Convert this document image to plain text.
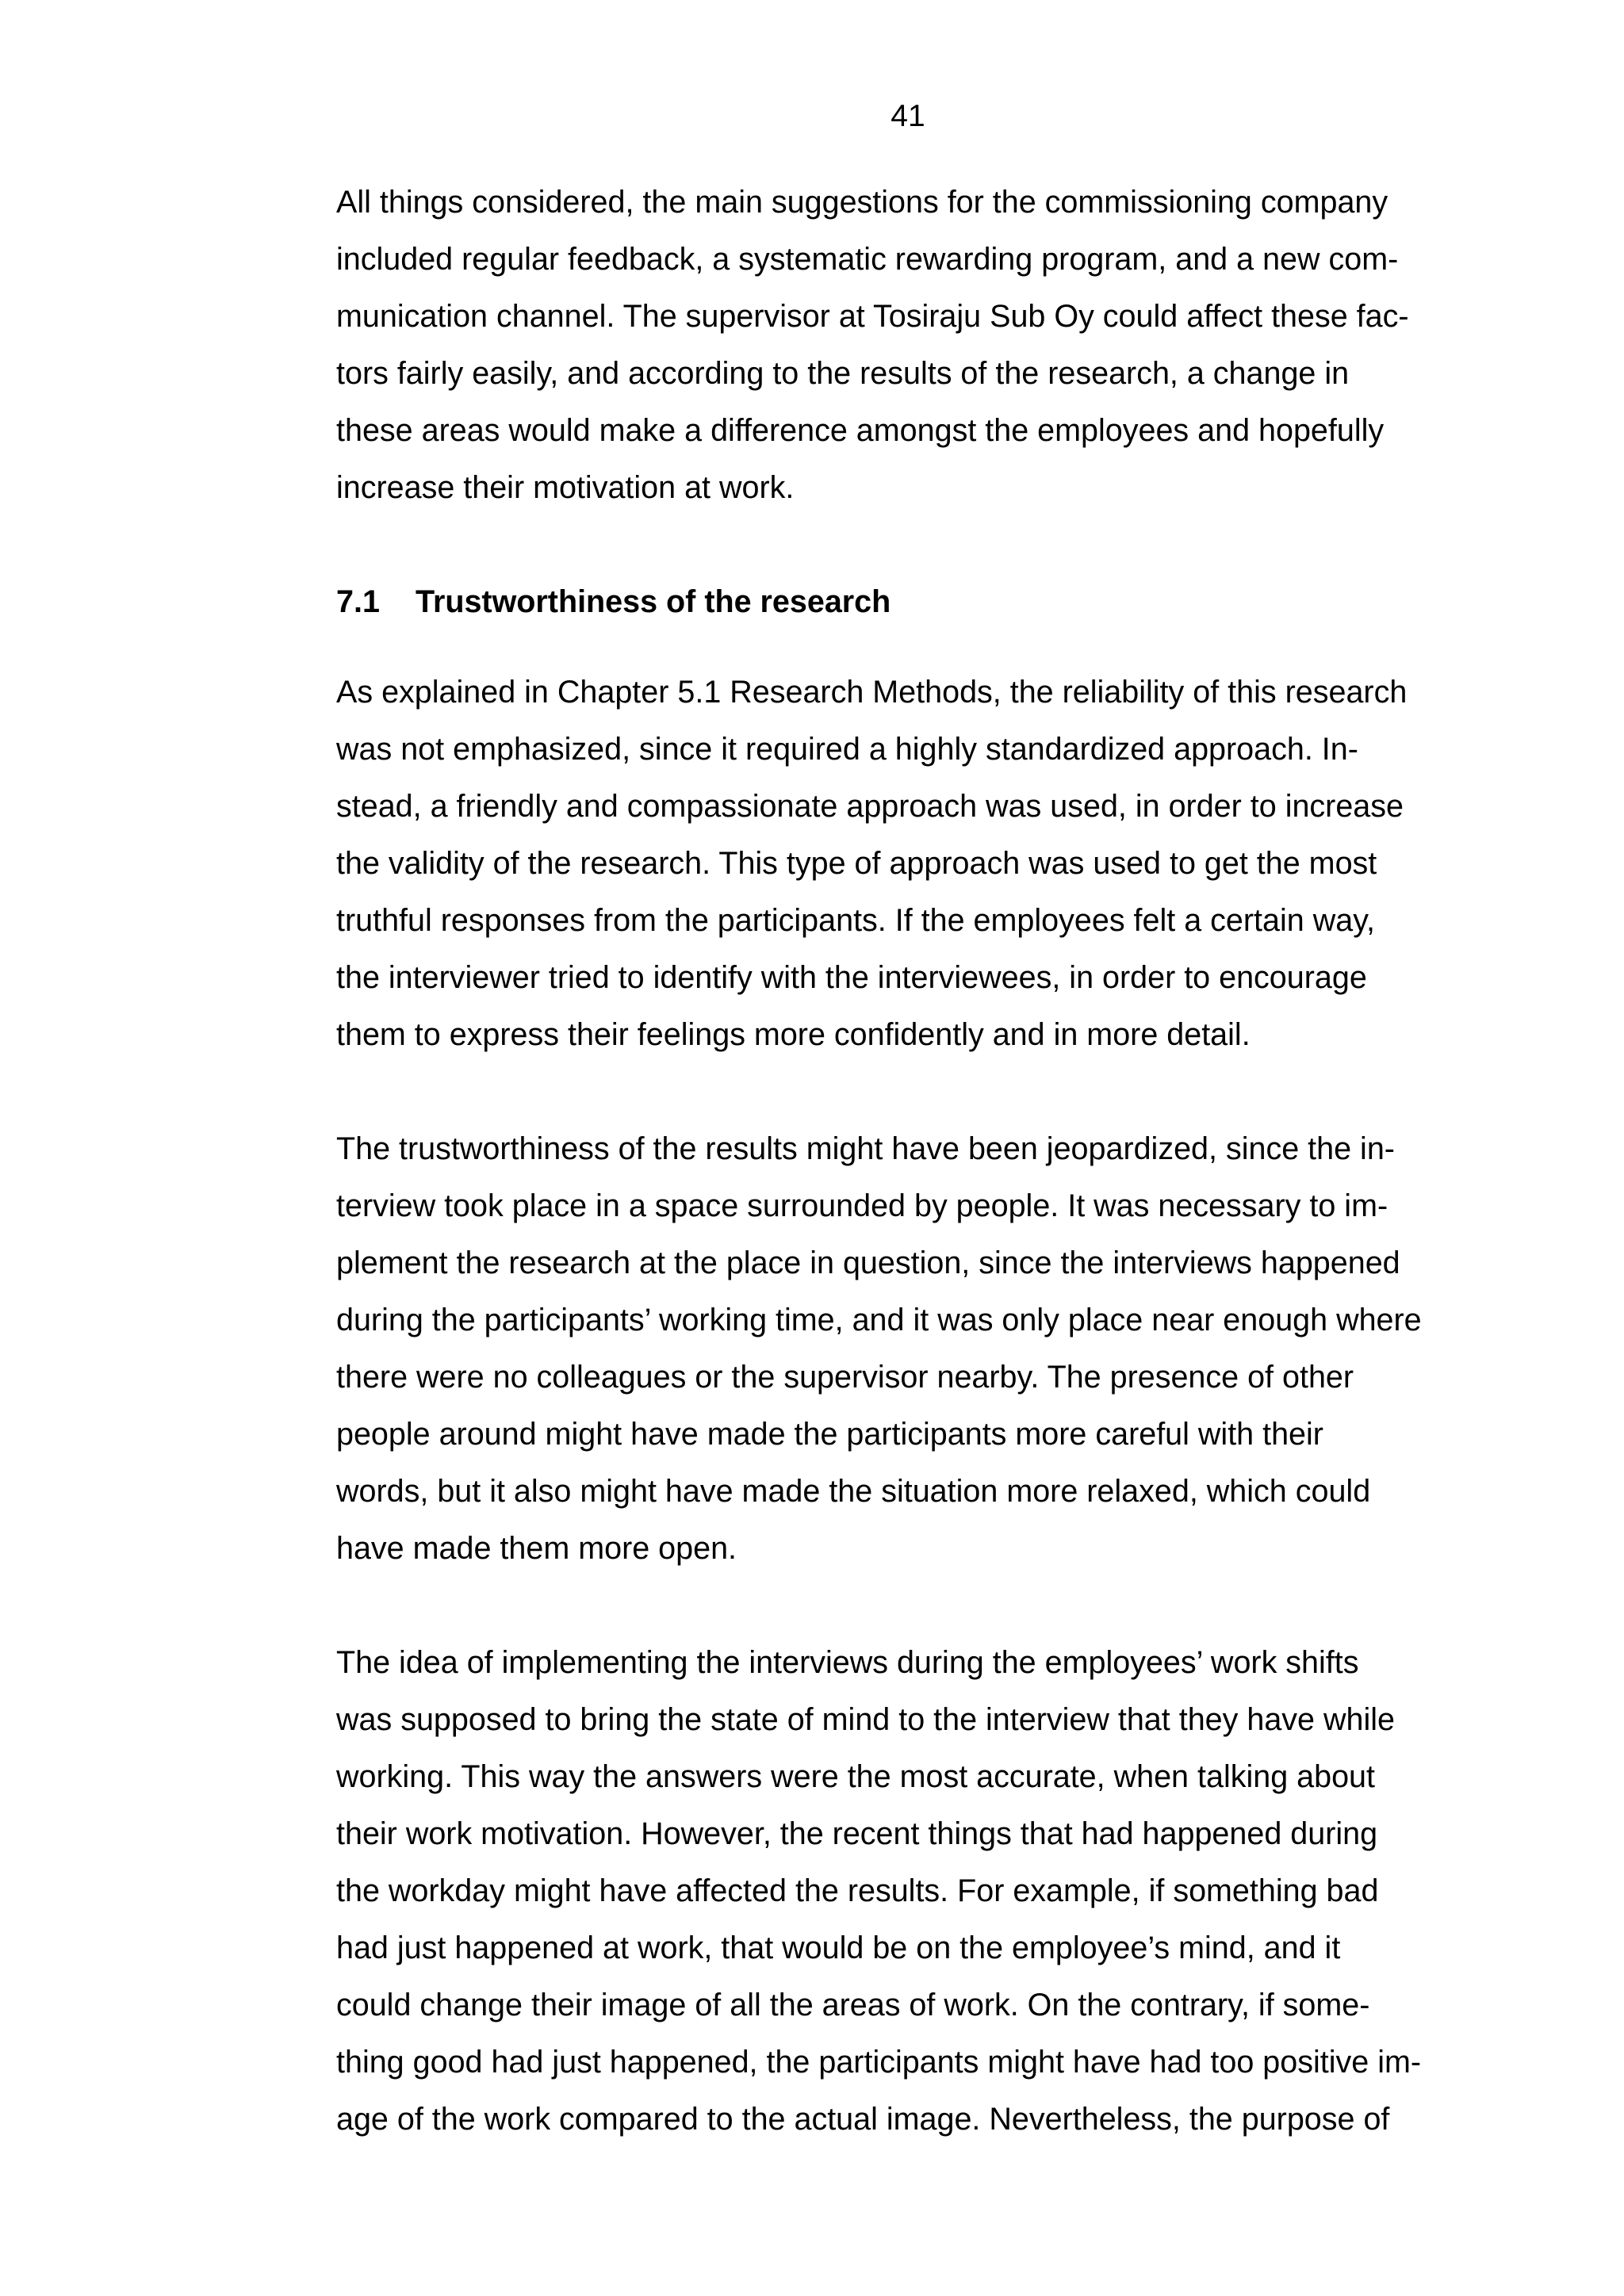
41
All things considered, the main suggestions for the commissioning company
included regular feedback, a systematic rewarding program, and a new com-
munication channel. The supervisor at Tosiraju Sub Oy could affect these fac-
tors fairly easily, and according to the results of the research, a change in
these areas would make a difference amongst the employees and hopefully
increase their motivation at work.
7.1 Trustworthiness of the research
As explained in Chapter 5.1 Research Methods, the reliability of this research
was not emphasized, since it required a highly standardized approach. In-
stead, a friendly and compassionate approach was used, in order to increase
the validity of the research. This type of approach was used to get the most
truthful responses from the participants. If the employees felt a certain way,
the interviewer tried to identify with the interviewees, in order to encourage
them to express their feelings more confidently and in more detail.
The trustworthiness of the results might have been jeopardized, since the in-
terview took place in a space surrounded by people. It was necessary to im-
plement the research at the place in question, since the interviews happened
during the participants’ working time, and it was only place near enough where
there were no colleagues or the supervisor nearby. The presence of other
people around might have made the participants more careful with their
words, but it also might have made the situation more relaxed, which could
have made them more open.
The idea of implementing the interviews during the employees’ work shifts
was supposed to bring the state of mind to the interview that they have while
working. This way the answers were the most accurate, when talking about
their work motivation. However, the recent things that had happened during
the workday might have affected the results. For example, if something bad
had just happened at work, that would be on the employee’s mind, and it
could change their image of all the areas of work. On the contrary, if some-
thing good had just happened, the participants might have had too positive im-
age of the work compared to the actual image. Nevertheless, the purpose of
